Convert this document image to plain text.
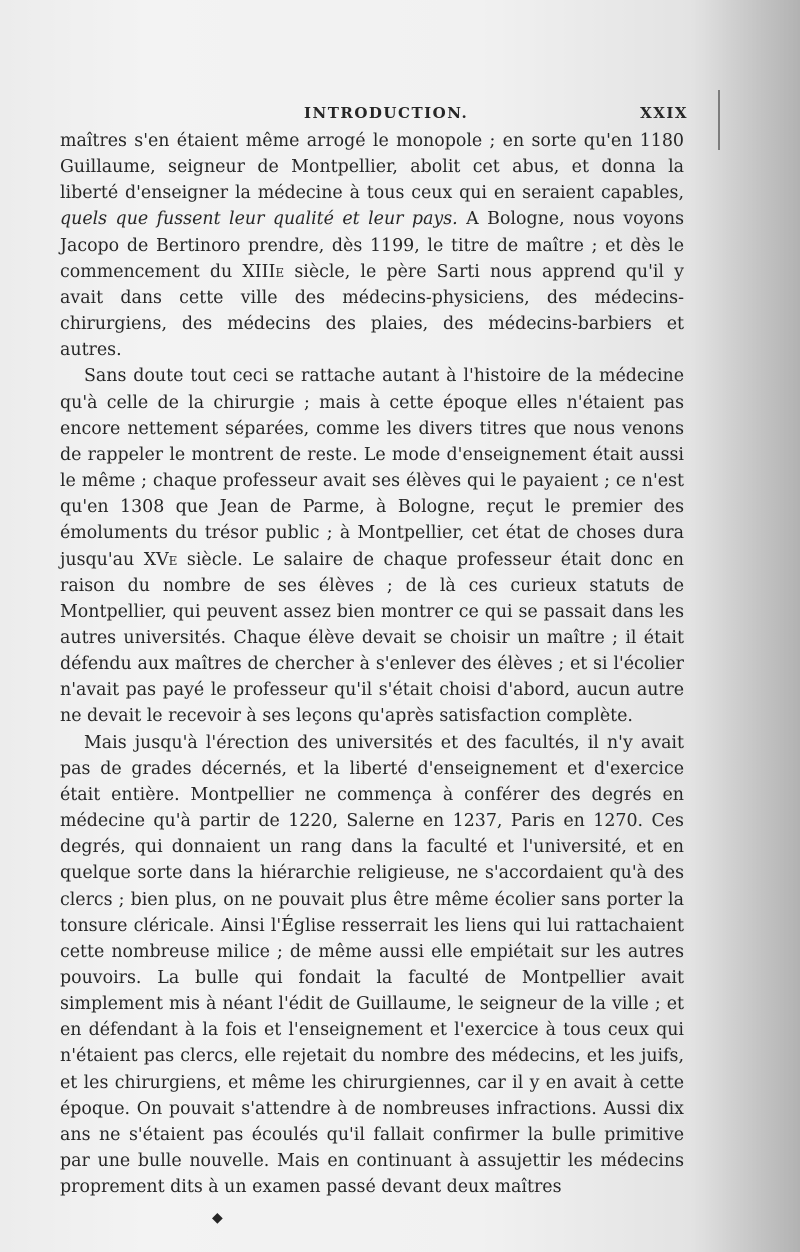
INTRODUCTION.	XXIX

maîtres s'en étaient même arrogé le monopole ; en sorte qu'en 1180 Guillaume, seigneur de Montpellier, abolit cet abus, et donna la liberté d'enseigner la médecine à tous ceux qui en seraient capables, quels que fussent leur qualité et leur pays. A Bologne, nous voyons Jacopo de Bertinoro prendre, dès 1199, le titre de maître ; et dès le commencement du XIIIe siècle, le père Sarti nous apprend qu'il y avait dans cette ville des médecins-physiciens, des médecins-chirurgiens, des médecins des plaies, des médecins-barbiers et autres.

Sans doute tout ceci se rattache autant à l'histoire de la médecine qu'à celle de la chirurgie ; mais à cette époque elles n'étaient pas encore nettement séparées, comme les divers titres que nous venons de rappeler le montrent de reste. Le mode d'enseignement était aussi le même ; chaque professeur avait ses élèves qui le payaient ; ce n'est qu'en 1308 que Jean de Parme, à Bologne, reçut le premier des émoluments du trésor public ; à Montpellier, cet état de choses dura jusqu'au XVe siècle. Le salaire de chaque professeur était donc en raison du nombre de ses élèves ; de là ces curieux statuts de Montpellier, qui peuvent assez bien montrer ce qui se passait dans les autres universités. Chaque élève devait se choisir un maître ; il était défendu aux maîtres de chercher à s'enlever des élèves ; et si l'écolier n'avait pas payé le professeur qu'il s'était choisi d'abord, aucun autre ne devait le recevoir à ses leçons qu'après satisfaction complète.

Mais jusqu'à l'érection des universités et des facultés, il n'y avait pas de grades décernés, et la liberté d'enseignement et d'exercice était entière. Montpellier ne commença à conférer des degrés en médecine qu'à partir de 1220, Salerne en 1237, Paris en 1270. Ces degrés, qui donnaient un rang dans la faculté et l'université, et en quelque sorte dans la hiérarchie religieuse, ne s'accordaient qu'à des clercs ; bien plus, on ne pouvait plus être même écolier sans porter la tonsure cléricale. Ainsi l'Église resserrait les liens qui lui rattachaient cette nombreuse milice ; de même aussi elle empiétait sur les autres pouvoirs. La bulle qui fondait la faculté de Montpellier avait simplement mis à néant l'édit de Guillaume, le seigneur de la ville ; et en défendant à la fois et l'enseignement et l'exercice à tous ceux qui n'étaient pas clercs, elle rejetait du nombre des médecins, et les juifs, et les chirurgiens, et même les chirurgiennes, car il y en avait à cette époque. On pouvait s'attendre à de nombreuses infractions. Aussi dix ans ne s'étaient pas écoulés qu'il fallait confirmer la bulle primitive par une bulle nouvelle. Mais en continuant à assujettir les médecins proprement dits à un examen passé devant deux maîtres

◆
